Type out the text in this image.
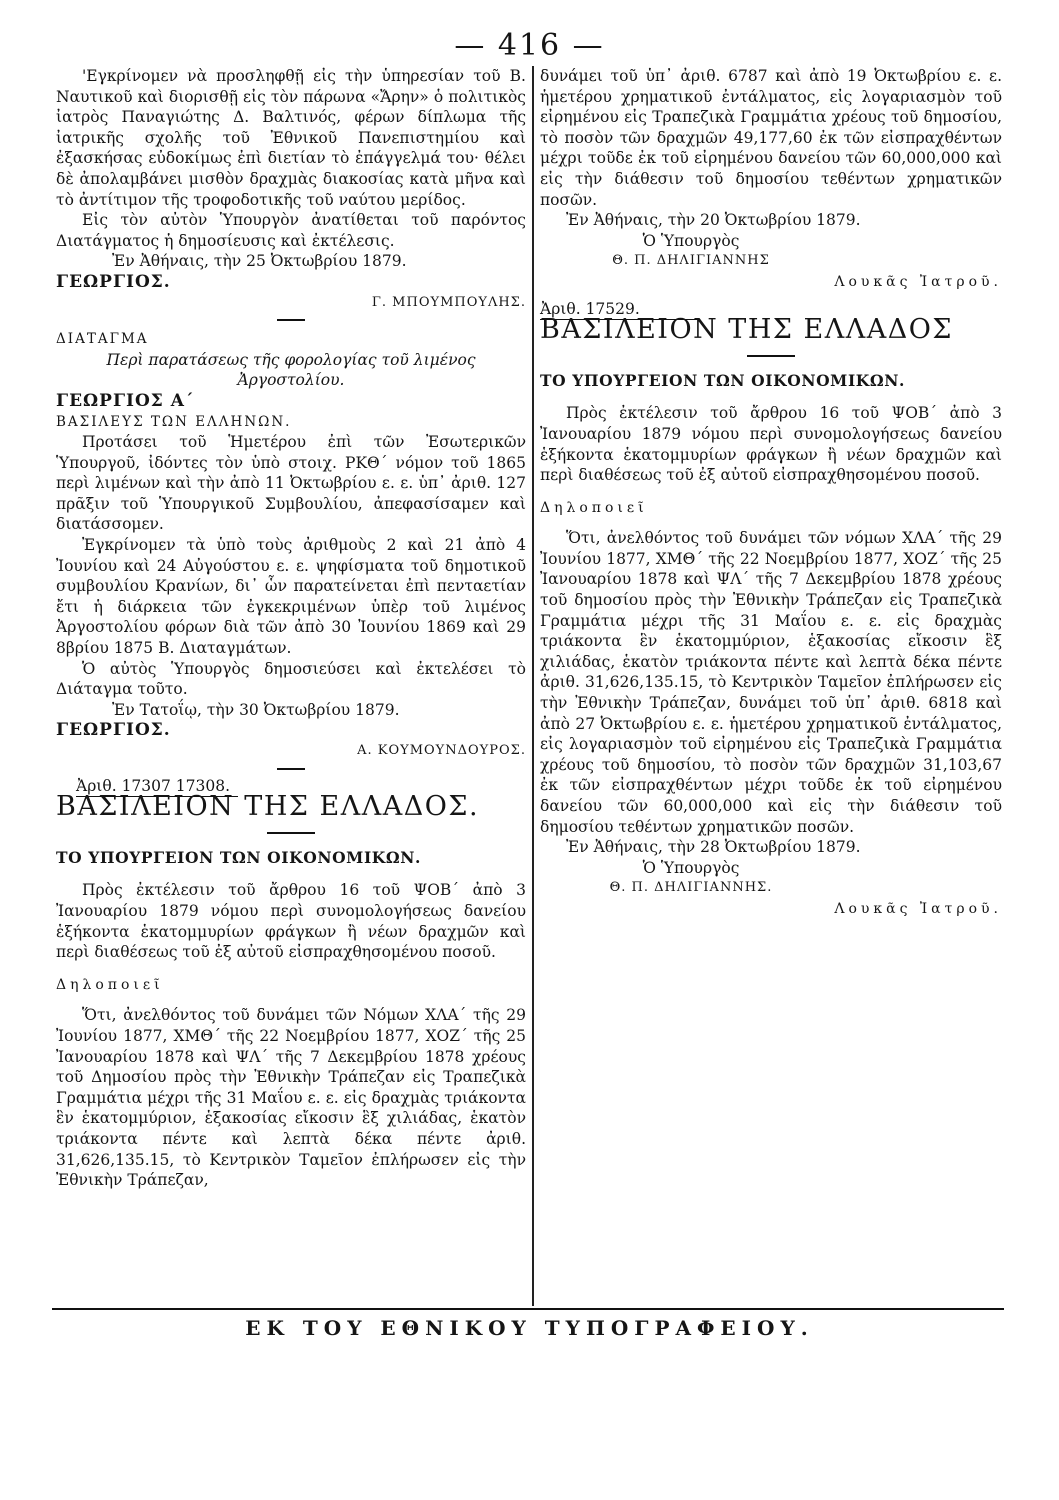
— 416 —

'Εγκρίνομεν νὰ προσληφθῇ εἰς τὴν ὑπηρεσίαν τοῦ Β. Ναυτικοῦ καὶ διορισθῇ εἰς τὸν πάρωνα «Ἄρην» ὁ πολιτικὸς ἰατρὸς Παναγιώτης Δ. Βαλτινός, φέρων δίπλωμα τῆς ἰατρικῆς σχολῆς τοῦ Ἐθνικοῦ Πανεπιστημίου καὶ ἐξασκήσας εὐδοκίμως ἐπὶ διετίαν τὸ ἐπάγγελμά του· θέλει δὲ ἀπολαμβάνει μισθὸν δραχμὰς διακοσίας κατὰ μῆνα καὶ τὸ ἀντίτιμον τῆς τροφοδοτικῆς τοῦ ναύτου μερίδος.

Εἰς τὸν αὐτὸν Ὑπουργὸν ἀνατίθεται τοῦ παρόντος Διατάγματος ἡ δημοσίευσις καὶ ἐκτέλεσις.

Ἐν Ἀθήναις, τὴν 25 Ὀκτωβρίου 1879.

ΓΕΩΡΓΙΟΣ.

Γ. ΜΠΟΥΜΠΟΥΛΗΣ.

ΔΙΑΤΑΓΜΑ

Περὶ παρατάσεως τῆς φορολογίας τοῦ λιμένος Ἀργοστολίου.

ΓΕΩΡΓΙΟΣ Α΄

ΒΑΣΙΛΕΥΣ ΤΩΝ ΕΛΛΗΝΩΝ.

Προτάσει τοῦ Ἡμετέρου ἐπὶ τῶν Ἐσωτερικῶν Ὑπουργοῦ, ἰδόντες τὸν ὑπὸ στοιχ. ΡΚΘ΄ νόμον τοῦ 1865 περὶ λιμένων καὶ τὴν ἀπὸ 11 Ὀκτωβρίου ε. ε. ὑπ᾽ ἀριθ. 127 πρᾶξιν τοῦ Ὑπουργικοῦ Συμβουλίου, ἀπεφασίσαμεν καὶ διατάσσομεν.

Ἐγκρίνομεν τὰ ὑπὸ τοὺς ἀριθμοὺς 2 καὶ 21 ἀπὸ 4 Ἰουνίου καὶ 24 Αὐγούστου ε. ε. ψηφίσματα τοῦ δημοτικοῦ συμβουλίου Κρανίων, δι᾽ ὧν παρατείνεται ἐπὶ πενταετίαν ἔτι ἡ διάρκεια τῶν ἐγκεκριμένων ὑπὲρ τοῦ λιμένος Ἀργοστολίου φόρων διὰ τῶν ἀπὸ 30 Ἰουνίου 1869 καὶ 29 8βρίου 1875 Β. Διαταγμάτων.

Ὁ αὐτὸς Ὑπουργὸς δημοσιεύσει καὶ ἐκτελέσει τὸ Διάταγμα τοῦτο.

Ἐν Τατοΐῳ, τὴν 30 Ὀκτωβρίου 1879.

ΓΕΩΡΓΙΟΣ.

Α. ΚΟΥΜΟΥΝΔΟΥΡΟΣ.

Ἀριθ. 17307 17308.

ΒΑΣΙΛΕΙΟΝ ΤΗΣ ΕΛΛΑΔΟΣ.

ΤΟ ΥΠΟΥΡΓΕΙΟΝ ΤΩΝ ΟΙΚΟΝΟΜΙΚΩΝ.

Πρὸς ἐκτέλεσιν τοῦ ἄρθρου 16 τοῦ ΨΟΒ΄ ἀπὸ 3 Ἰανουαρίου 1879 νόμου περὶ συνομολογήσεως δανείου ἑξήκοντα ἑκατομμυρίων φράγκων ἢ νέων δραχμῶν καὶ περὶ διαθέσεως τοῦ ἐξ αὐτοῦ εἰσπραχθησομένου ποσοῦ.

Δηλοποιεῖ

Ὅτι, ἀνελθόντος τοῦ δυνάμει τῶν Νόμων ΧΛΑ΄ τῆς 29 Ἰουνίου 1877, ΧΜΘ΄ τῆς 22 Νοεμβρίου 1877, ΧΟΖ΄ τῆς 25 Ἰανουαρίου 1878 καὶ ΨΛ΄ τῆς 7 Δεκεμβρίου 1878 χρέους τοῦ Δημοσίου πρὸς τὴν Ἐθνικὴν Τράπεζαν εἰς Τραπεζικὰ Γραμμάτια μέχρι τῆς 31 Μαΐου ε. ε. εἰς δραχμὰς τριάκοντα ἓν ἑκατομμύριον, ἑξακοσίας εἴκοσιν ἓξ χιλιάδας, ἑκατὸν τριάκοντα πέντε καὶ λεπτὰ δέκα πέντε ἀριθ. 31,626,135.15, τὸ Κεντρικὸν Ταμεῖον ἐπλήρωσεν εἰς τὴν Ἐθνικὴν Τράπεζαν,

δυνάμει τοῦ ὑπ᾽ ἀριθ. 6787 καὶ ἀπὸ 19 Ὀκτωβρίου ε. ε. ἡμετέρου χρηματικοῦ ἐντάλματος, εἰς λογαριασμὸν τοῦ εἰρημένου εἰς Τραπεζικὰ Γραμμάτια χρέους τοῦ δημοσίου, τὸ ποσὸν τῶν δραχμῶν 49,177,60 ἐκ τῶν εἰσπραχθέντων μέχρι τοῦδε ἐκ τοῦ εἰρημένου δανείου τῶν 60,000,000 καὶ εἰς τὴν διάθεσιν τοῦ δημοσίου τεθέντων χρηματικῶν ποσῶν.

Ἐν Ἀθήναις, τὴν 20 Ὀκτωβρίου 1879.

Ὁ Ὑπουργὸς

Θ. Π. ΔΗΛΙΓΙΑΝΝΗΣ

Λουκᾶς Ἰατροῦ.

Ἀριθ. 17529.

ΒΑΣΙΛΕΙΟΝ ΤΗΣ ΕΛΛΑΔΟΣ

ΤΟ ΥΠΟΥΡΓΕΙΟΝ ΤΩΝ ΟΙΚΟΝΟΜΙΚΩΝ.

Πρὸς ἐκτέλεσιν τοῦ ἄρθρου 16 τοῦ ΨΟΒ΄ ἀπὸ 3 Ἰανουαρίου 1879 νόμου περὶ συνομολογήσεως δανείου ἑξήκοντα ἑκατομμυρίων φράγκων ἢ νέων δραχμῶν καὶ περὶ διαθέσεως τοῦ ἐξ αὐτοῦ εἰσπραχθησομένου ποσοῦ.

Δηλοποιεῖ

Ὅτι, ἀνελθόντος τοῦ δυνάμει τῶν νόμων ΧΛΑ΄ τῆς 29 Ἰουνίου 1877, ΧΜΘ΄ τῆς 22 Νοεμβρίου 1877, ΧΟΖ΄ τῆς 25 Ἰανουαρίου 1878 καὶ ΨΛ΄ τῆς 7 Δεκεμβρίου 1878 χρέους τοῦ δημοσίου πρὸς τὴν Ἐθνικὴν Τράπεζαν εἰς Τραπεζικὰ Γραμμάτια μέχρι τῆς 31 Μαΐου ε. ε. εἰς δραχμὰς τριάκοντα ἓν ἑκατομμύριον, ἑξακοσίας εἴκοσιν ἓξ χιλιάδας, ἑκατὸν τριάκοντα πέντε καὶ λεπτὰ δέκα πέντε ἀριθ. 31,626,135.15, τὸ Κεντρικὸν Ταμεῖον ἐπλήρωσεν εἰς τὴν Ἐθνικὴν Τράπεζαν, δυνάμει τοῦ ὑπ᾽ ἀριθ. 6818 καὶ ἀπὸ 27 Ὀκτωβρίου ε. ε. ἡμετέρου χρηματικοῦ ἐντάλματος, εἰς λογαριασμὸν τοῦ εἰρημένου εἰς Τραπεζικὰ Γραμμάτια χρέους τοῦ δημοσίου, τὸ ποσὸν τῶν δραχμῶν 31,103,67 ἐκ τῶν εἰσπραχθέντων μέχρι τοῦδε ἐκ τοῦ εἰρημένου δανείου τῶν 60,000,000 καὶ εἰς τὴν διάθεσιν τοῦ δημοσίου τεθέντων χρηματικῶν ποσῶν.

Ἐν Ἀθήναις, τὴν 28 Ὀκτωβρίου 1879.

Ὁ Ὑπουργὸς

Θ. Π. ΔΗΛΙΓΙΑΝΝΗΣ.

Λουκᾶς Ἰατροῦ.

ΕΚ ΤΟΥ ΕΘΝΙΚΟΥ ΤΥΠΟΓΡΑΦΕΙΟΥ.
